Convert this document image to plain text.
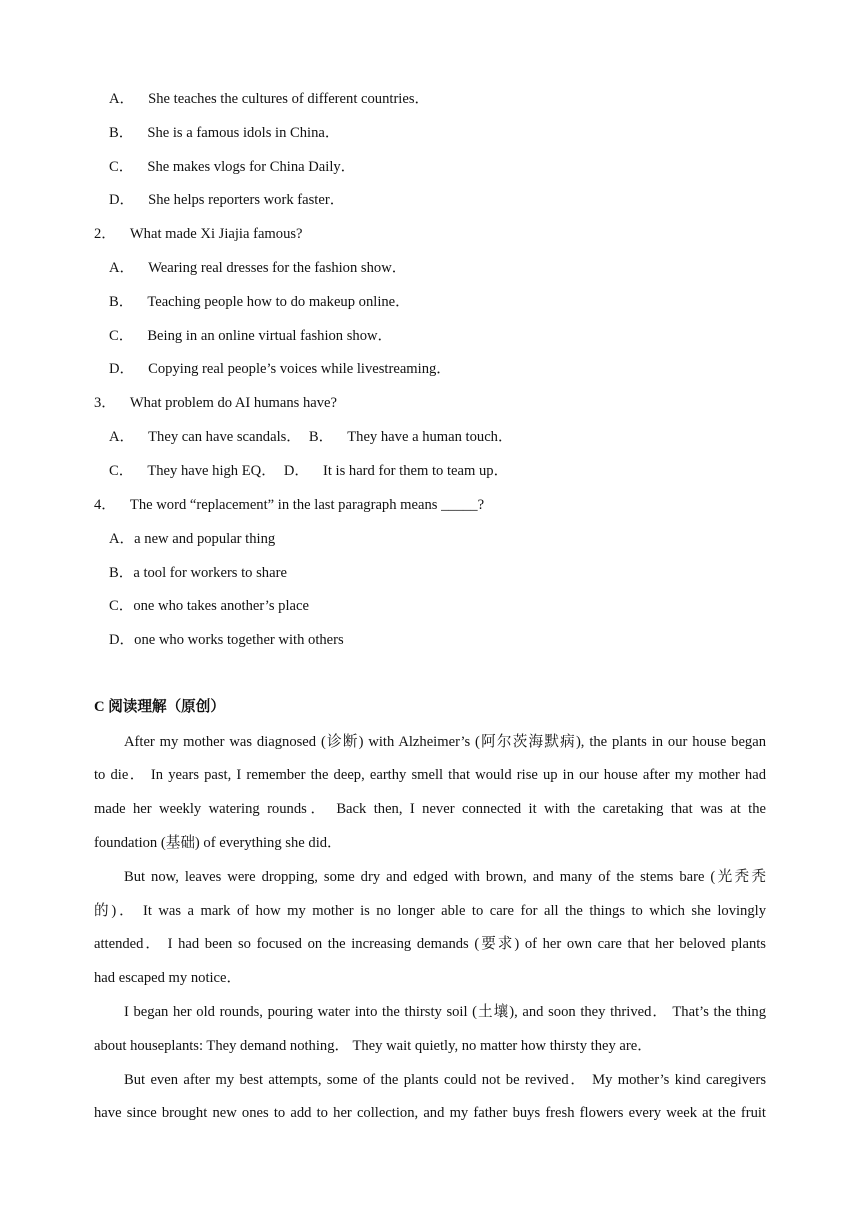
A． She teaches the cultures of different countries．
B． She is a famous idols in China．
C． She makes vlogs for China Daily．
D． She helps reporters work faster．
2． What made Xi Jiajia famous?
A． Wearing real dresses for the fashion show．
B． Teaching people how to do makeup online．
C． Being in an online virtual fashion show．
D． Copying real people’s voices while livestreaming．
3． What problem do AI humans have?
A． They can have scandals． B． They have a human touch．
C． They have high EQ． D． It is hard for them to team up．
4． The word “replacement” in the last paragraph means _____?
A．a new and popular thing
B．a tool for workers to share
C．one who takes another’s place
D．one who works together with others
C 阅读理解（原创）
After my mother was diagnosed (诊断) with Alzheimer’s (阿尔茨海默病), the plants in our house began
to die． In years past, I remember the deep, earthy smell that would rise up in our house after my mother had
made her weekly watering rounds． Back then, I never connected it with the caretaking that was at the
foundation (基础) of everything she did．
But now, leaves were dropping, some dry and edged with brown, and many of the stems bare (光秃秃
的)． It was a mark of how my mother is no longer able to care for all the things to which she lovingly
attended． I had been so focused on the increasing demands (要求) of her own care that her beloved plants
had escaped my notice．
I began her old rounds, pouring water into the thirsty soil (土壤), and soon they thrived． That’s the thing
about houseplants: They demand nothing． They wait quietly, no matter how thirsty they are．
But even after my best attempts, some of the plants could not be revived． My mother’s kind caregivers
have since brought new ones to add to her collection, and my father buys fresh flowers every week at the fruit
